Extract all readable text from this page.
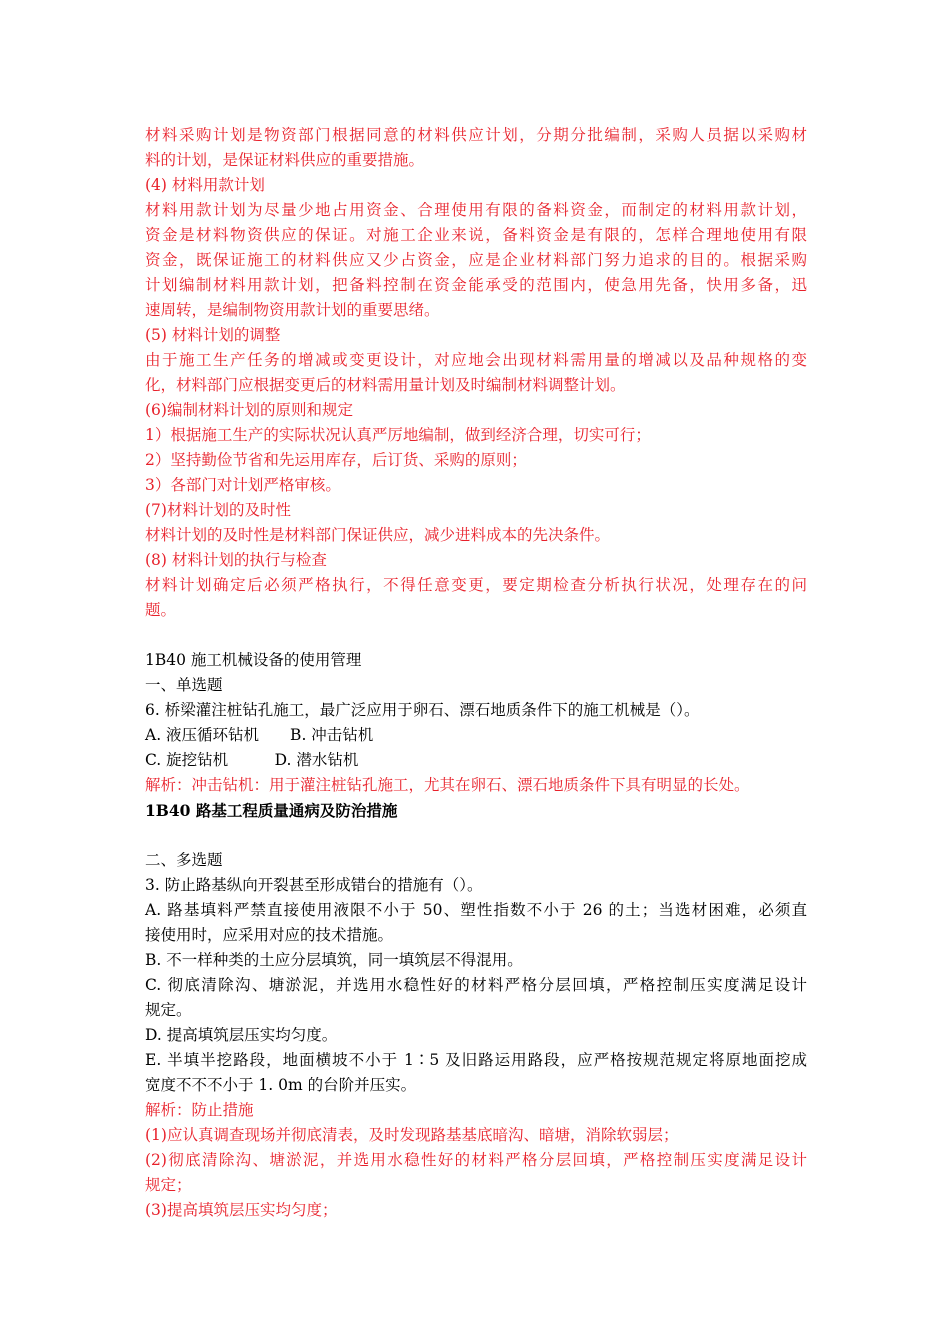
材料采购计划是物资部门根据同意的材料供应计划，分期分批编制，采购人员据以采购材
料的计划，是保证材料供应的重要措施。
(4) 材料用款计划
材料用款计划为尽量少地占用资金、合理使用有限的备料资金，而制定的材料用款计划，
资金是材料物资供应的保证。对施工企业来说，备料资金是有限的，怎样合理地使用有限
资金，既保证施工的材料供应又少占资金，应是企业材料部门努力追求的目的。根据采购
计划编制材料用款计划，把备料控制在资金能承受的范围内，使急用先备，快用多备，迅
速周转，是编制物资用款计划的重要思绪。
(5) 材料计划的调整
由于施工生产任务的增减或变更设计，对应地会出现材料需用量的增减以及品种规格的变
化，材料部门应根据变更后的材料需用量计划及时编制材料调整计划。
(6)编制材料计划的原则和规定
1）根据施工生产的实际状况认真严厉地编制，做到经济合理，切实可行；
2）坚持勤俭节省和先运用库存，后订货、采购的原则；
3）各部门对计划严格审核。
(7)材料计划的及时性
材料计划的及时性是材料部门保证供应，减少进料成本的先决条件。
(8) 材料计划的执行与检查
材料计划确定后必须严格执行，不得任意变更，要定期检查分析执行状况，处理存在的问
题。
1B40 施工机械设备的使用管理
一、单选题
6. 桥梁灌注桩钻孔施工，最广泛应用于卵石、漂石地质条件下的施工机械是（）。
A. 液压循环钻机　　B. 冲击钻机
C. 旋挖钻机　　　D. 潜水钻机
解析：冲击钻机：用于灌注桩钻孔施工，尤其在卵石、漂石地质条件下具有明显的长处。
1B40 路基工程质量通病及防治措施
二、多选题
3. 防止路基纵向开裂甚至形成错台的措施有（）。
A. 路基填料严禁直接使用液限不小于 50、塑性指数不小于 26 的土；当选材困难，必须直
接使用时，应采用对应的技术措施。
B. 不一样种类的土应分层填筑，同一填筑层不得混用。
C. 彻底清除沟、塘淤泥，并选用水稳性好的材料严格分层回填，严格控制压实度满足设计
规定。
D. 提高填筑层压实均匀度。
E. 半填半挖路段，地面横坡不小于 1∶5 及旧路运用路段，应严格按规范规定将原地面挖成
宽度不不不小于 1. 0m 的台阶并压实。
解析：防止措施
(1)应认真调查现场并彻底清表，及时发现路基基底暗沟、暗塘，消除软弱层；
(2)彻底清除沟、塘淤泥，并选用水稳性好的材料严格分层回填，严格控制压实度满足设计
规定；
(3)提高填筑层压实均匀度；
